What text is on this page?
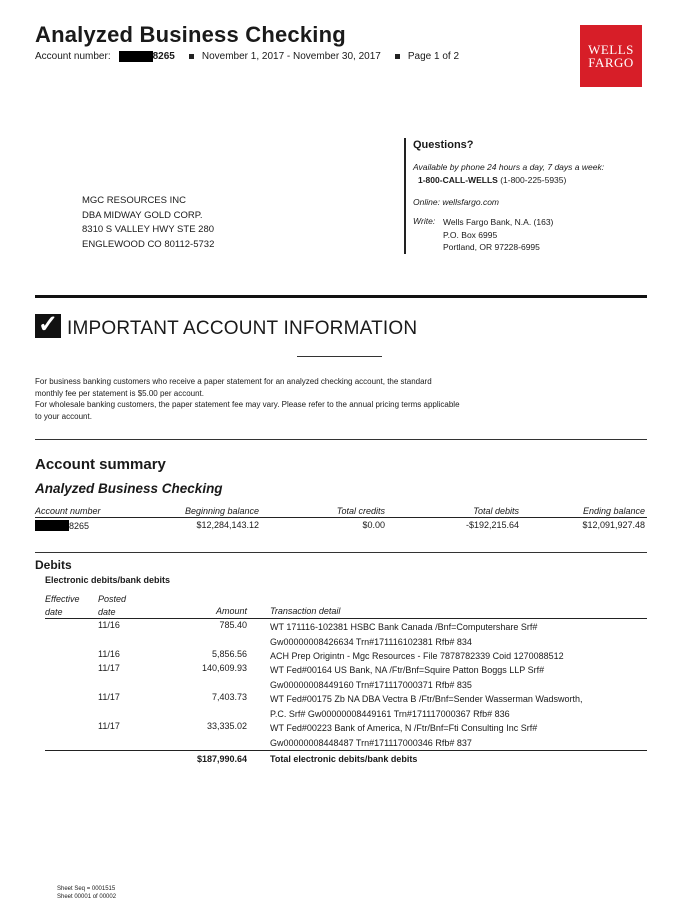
Analyzed Business Checking
Account number:	8265	November 1, 2017 - November 30, 2017	Page 1 of 2	WELLS
FARGO
MGC RESOURCES INC
DBA MIDWAY GOLD CORP.
8310 S VALLEY HWY STE 280
ENGLEWOOD CO 80112-5732
Questions?
Available by phone 24 hours a day, 7 days a week:
1-800-CALL-WELLS (1-800-225-5935)
Online: wellsfargo.com
Write: Wells Fargo Bank, N.A. (163)
P.O. Box 6995
Portland, OR 97228-6995
✓ IMPORTANT ACCOUNT INFORMATION
For business banking customers who receive a paper statement for an analyzed checking account, the standard
monthly fee per statement is $5.00 per account.
For wholesale banking customers, the paper statement fee may vary. Please refer to the annual pricing terms applicable
to your account.
Account summary
Analyzed Business Checking
Account number	Beginning balance	Total credits	Total debits	Ending balance
8265	$12,284,143.12	$0.00	-$192,215.64	$12,091,927.48
Debits
Electronic debits/bank debits
Effective
date
Posted
date	Amount	Transaction detail
11/16	785.40	WT 171116-102381 HSBC Bank Canada /Bnf=Computershare Srf#
Gw00000008426634 Trn#171116102381 Rfb# 834
11/16	5,856.56	ACH Prep Origintn - Mgc Resources - File 7878782339 Coid 1270088512
11/17	140,609.93	WT Fed#00164 US Bank, NA /Ftr/Bnf=Squire Patton Boggs LLP Srf#
Gw00000008449160 Trn#171117000371 Rfb# 835
11/17	7,403.73	WT Fed#00175 Zb NA DBA Vectra B /Ftr/Bnf=Sender Wasserman Wadsworth,
P.C. Srf# Gw00000008449161 Trn#171117000367 Rfb# 836
11/17	33,335.02	WT Fed#00223 Bank of America, N /Ftr/Bnf=Fti Consulting Inc Srf#
Gw00000008448487 Trn#171117000346 Rfb# 837
$187,990.64	Total electronic debits/bank debits
Sheet Seq = 0001515
Sheet 00001 of 00002
